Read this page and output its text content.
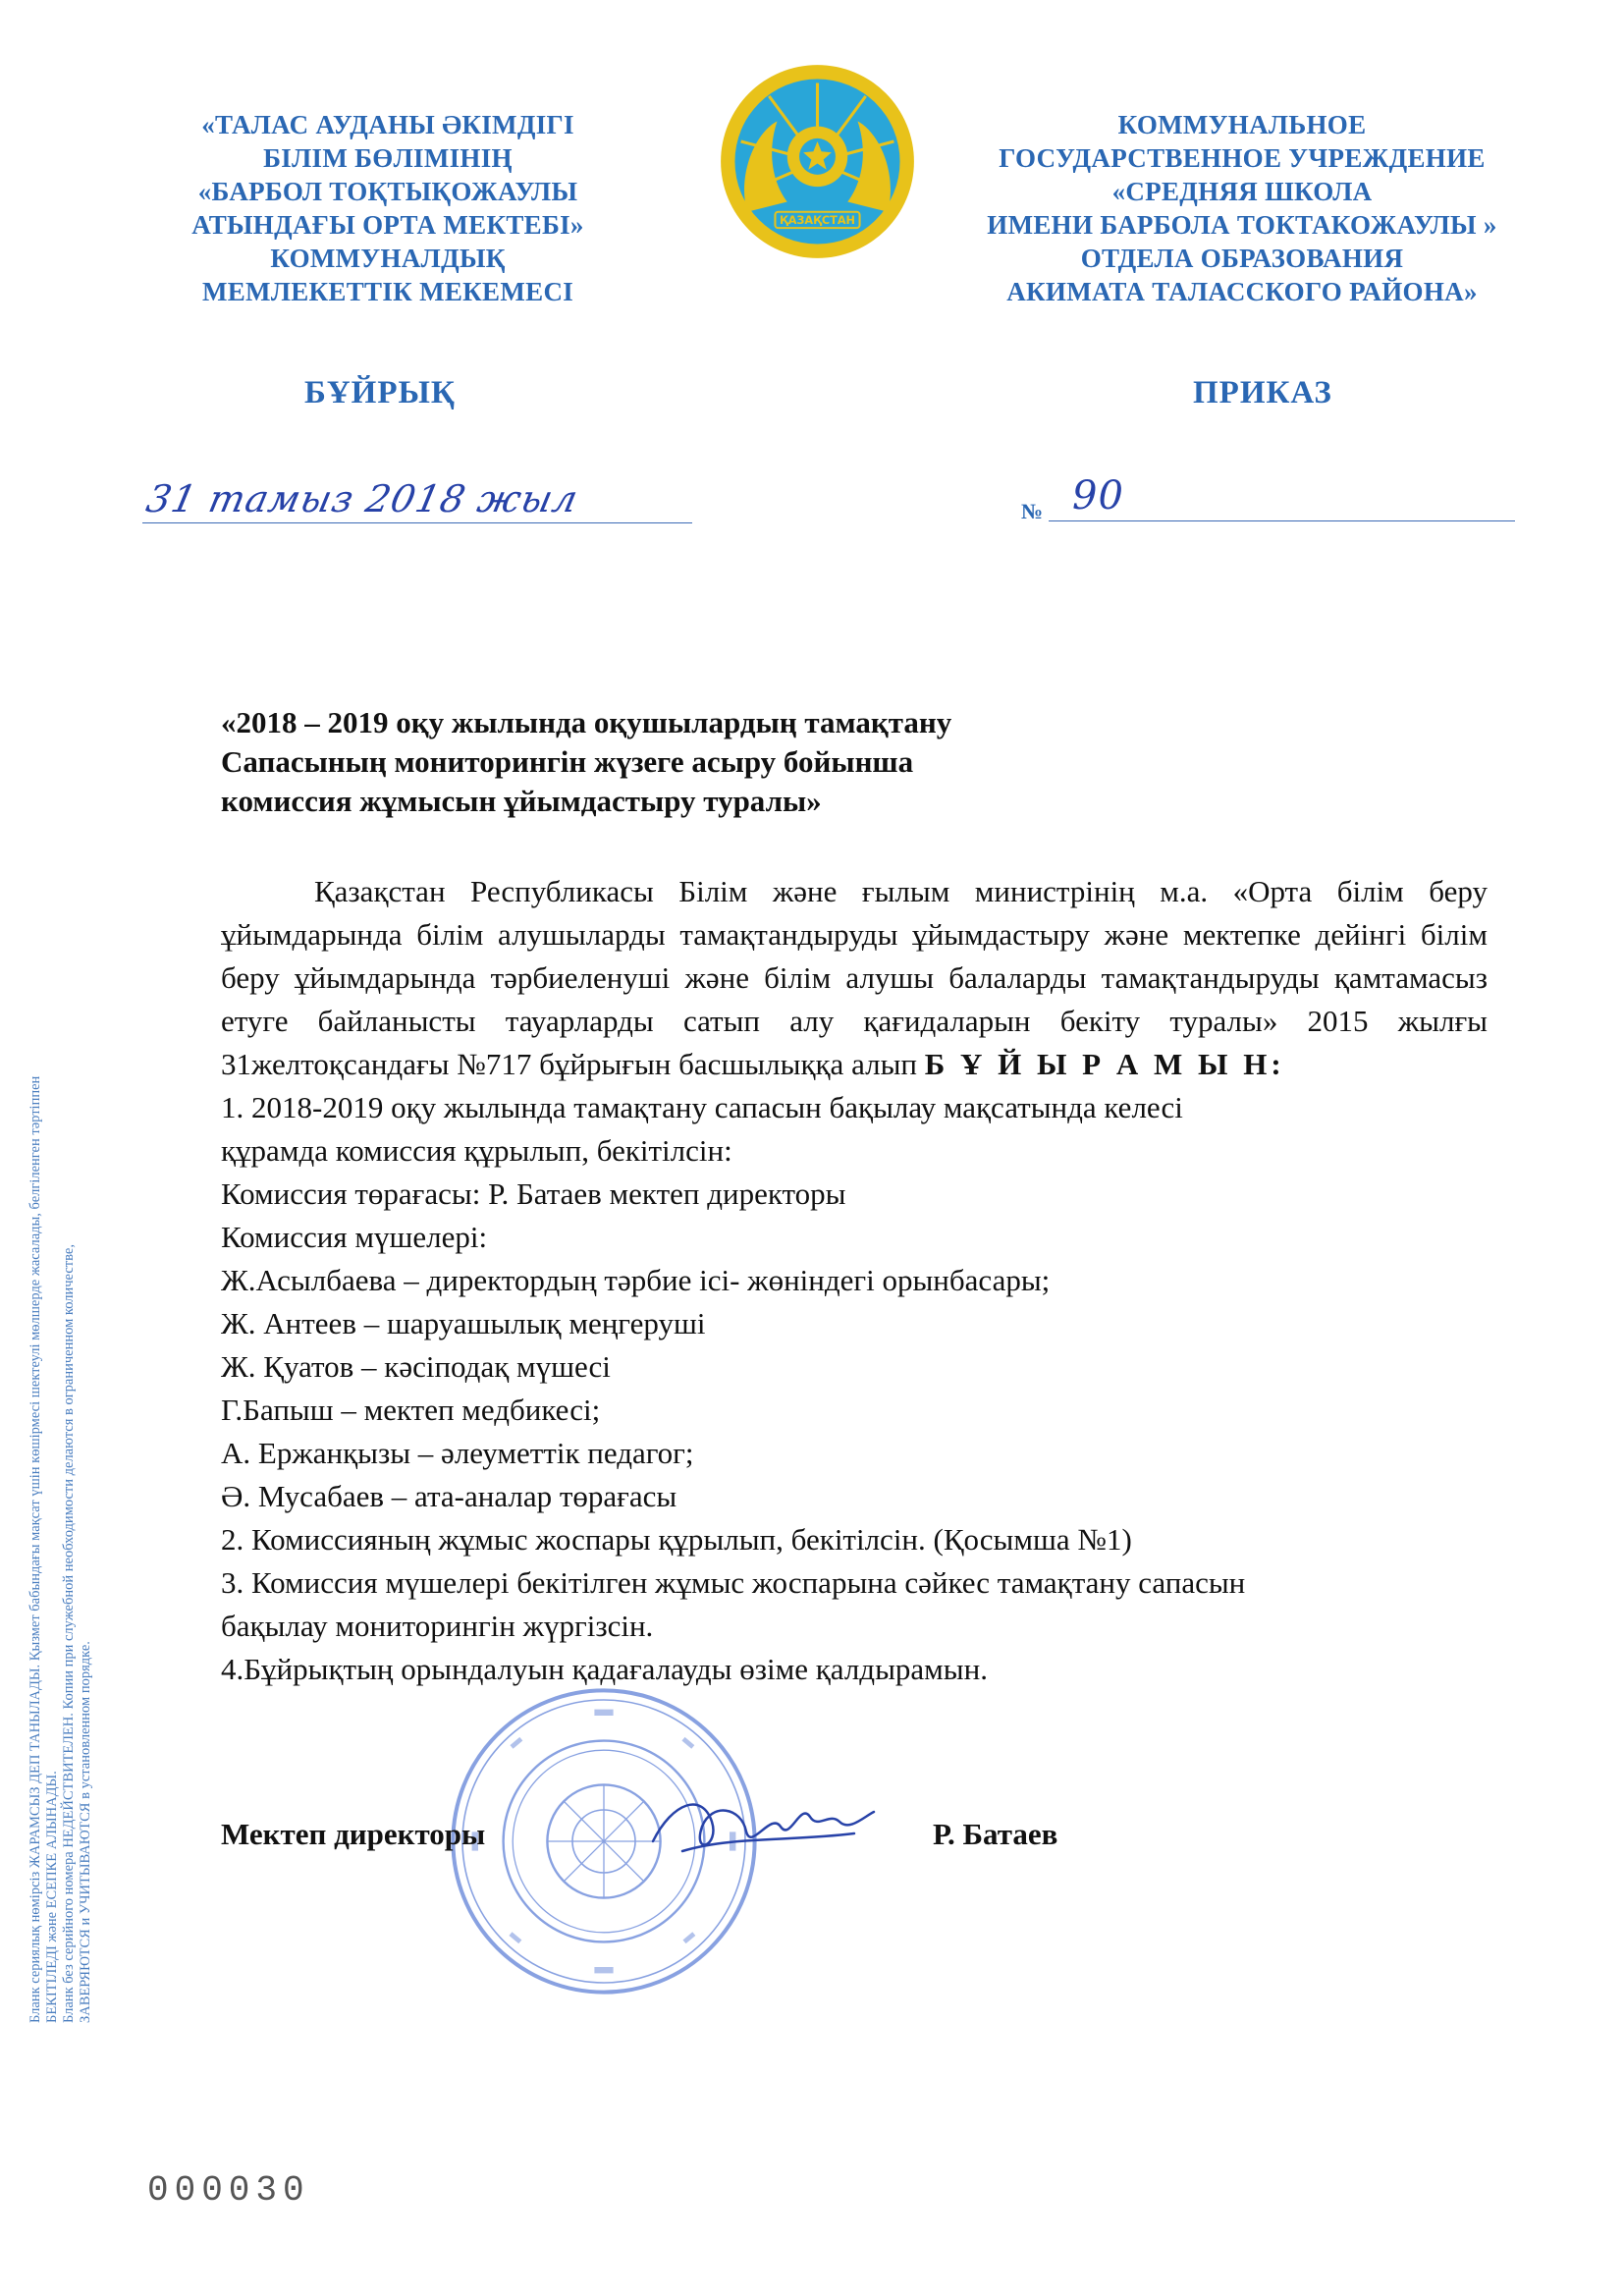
«ТАЛАС АУДАНЫ ӘКІМДІГІ
БІЛІМ БӨЛІМІНІҢ
«БАРБОЛ ТОҚТЫҚОЖАУЛЫ
АТЫНДАҒЫ ОРТА МЕКТЕБІ»
КОММУНАЛДЫҚ
МЕМЛЕКЕТТІК МЕКЕМЕСІ
ҚАЗАҚСТАН
КОММУНАЛЬНОЕ
ГОСУДАРСТВЕННОЕ УЧРЕЖДЕНИЕ
«СРЕДНЯЯ ШКОЛА
ИМЕНИ БАРБОЛА ТОКТАКОЖАУЛЫ »
ОТДЕЛА ОБРАЗОВАНИЯ
АКИМАТА ТАЛАССКОГО РАЙОНА»
БҰЙРЫҚ	ПРИКАЗ
31 тамыз 2018 жыл	№ 90
«2018 – 2019 оқу жылында оқушылардың тамақтану
Сапасының мониторингін жүзеге асыру бойынша
комиссия жұмысын ұйымдастыру туралы»
Қазақстан Республикасы Білім және ғылым министрінің м.а. «Орта білім беру ұйымдарында білім алушыларды тамақтандыруды ұйымдастыру және мектепке дейінгі білім беру ұйымдарында тәрбиеленуші және білім алушы балаларды тамақтандыруды қамтамасыз етуге байланысты тауарларды сатып алу қағидаларын бекіту туралы» 2015 жылғы 31желтоқсандағы №717 бұйрығын басшылыққа алып Б Ұ Й Ы Р А М Ы Н:
1. 2018-2019 оқу жылында тамақтану сапасын бақылау мақсатында келесі
құрамда комиссия құрылып, бекітілсін:
Комиссия төрағасы: Р. Батаев мектеп директоры
Комиссия мүшелері:
Ж.Асылбаева – директордың тәрбие ісі- жөніндегі орынбасары;
Ж. Антеев – шаруашылық меңгеруші
Ж. Қуатов – кәсіподақ мүшесі
Г.Бапыш – мектеп медбикесі;
А. Ержанқызы – әлеуметтік педагог;
Ә. Мусабаев – ата-аналар төрағасы
2. Комиссияның жұмыс жоспары құрылып, бекітілсін. (Қосымша №1)
3. Комиссия мүшелері бекітілген жұмыс жоспарына сәйкес тамақтану сапасын
бақылау мониторингін жүргізсін.
4.Бұйрықтың орындалуын қадағалауды өзіме қалдырамын.
Мектеп директоры	Р. Батаев
Бланк сериялық нөмірсіз ЖАРАМСЫЗ ДЕП ТАНЫЛАДЫ. Қызмет бабындағы мақсат үшін көшірмесі шектеулі мөлшерде жасалады, белгіленген тәртіппен БЕКІТІЛЕДІ және ЕСЕПКЕ АЛЫНАДЫ. Бланк без серийного номера НЕДЕЙСТВИТЕЛЕН. Копии при служебной необходимости делаются в ограниченном количестве, ЗАВЕРЯЮТСЯ и УЧИТЫВАЮТСЯ в установленном порядке.
000030
